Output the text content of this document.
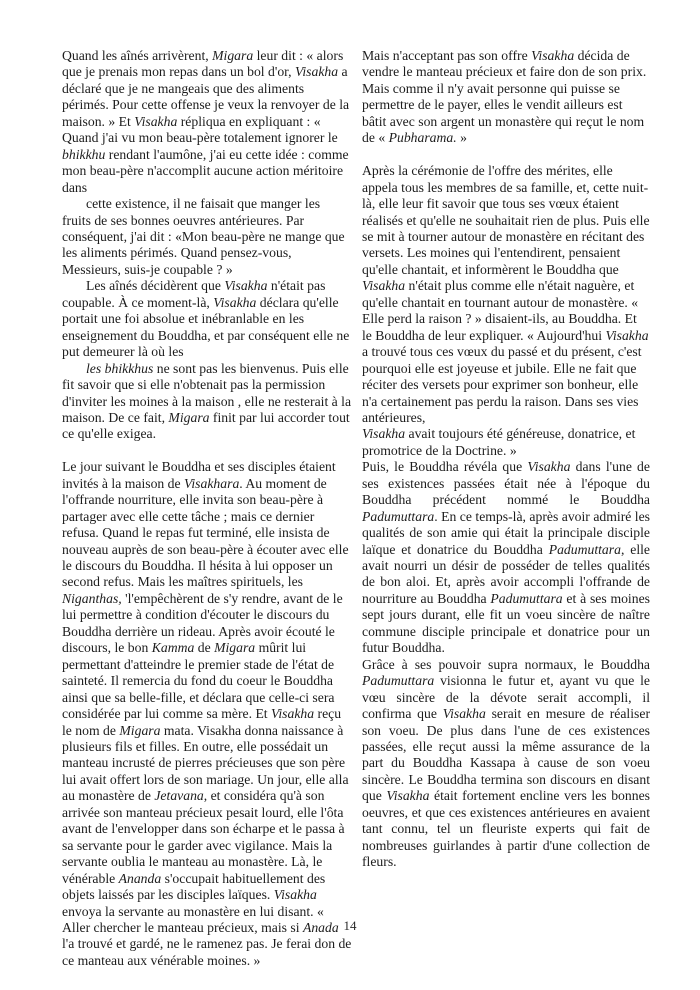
Quand les aînés arrivèrent, Migara leur dit : « alors que je prenais mon repas dans un bol d'or, Visakha a déclaré que je ne mangeais que des aliments périmés. Pour cette offense je veux la renvoyer de la maison. » Et Visakha répliqua en expliquant : « Quand j'ai vu mon beau-père totalement ignorer le bhikkhu rendant l'aumône, j'ai eu cette idée : comme mon beau-père n'accomplit aucune action méritoire dans

cette existence, il ne faisait que manger les fruits de ses bonnes oeuvres antérieures. Par conséquent, j'ai dit : «Mon beau-père ne mange que les aliments périmés. Quand pensez-vous, Messieurs, suis-je coupable ? »

Les aînés décidèrent que Visakha n'était pas coupable. À ce moment-là, Visakha déclara qu'elle portait une foi absolue et inébranlable en les enseignement du Bouddha, et par conséquent elle ne put demeurer là où les

les bhikkhus ne sont pas les bienvenus. Puis elle fit savoir que si elle n'obtenait pas la permission d'inviter les moines à la maison , elle ne resterait à la maison. De ce fait, Migara finit par lui accorder tout ce qu'elle exigea.

Le jour suivant le Bouddha et ses disciples étaient invités à la maison de Visakhara. Au moment de l'offrande nourriture, elle invita son beau-père à partager avec elle cette tâche ; mais ce dernier refusa. Quand le repas fut terminé, elle insista de nouveau auprès de son beau-père à écouter avec elle le discours du Bouddha. Il hésita à lui opposer un second refus. Mais les maîtres spirituels, les Niganthas, 'l'empêchèrent de s'y rendre, avant de le lui permettre à condition d'écouter le discours du Bouddha derrière un rideau. Après avoir écouté le discours, le bon Kamma de Migara mûrit lui permettant d'atteindre le premier stade de l'état de sainteté. Il remercia du fond du coeur le Bouddha ainsi que sa belle-fille, et déclara que celle-ci sera considérée par lui comme sa mère. Et Visakha reçu le nom de Migara mata. Visakha donna naissance à plusieurs fils et filles. En outre, elle possédait un manteau incrusté de pierres précieuses que son père lui avait offert lors de son mariage. Un jour, elle alla au monastère de Jetavana, et considéra qu'à son arrivée son manteau précieux pesait lourd, elle l'ôta avant de l'envelopper dans son écharpe et le passa à sa servante pour le garder avec vigilance. Mais la servante oublia le manteau au monastère. Là, le vénérable Ananda s'occupait habituellement des objets laissés par les disciples laïques. Visakha envoya la servante au monastère en lui disant. « Aller chercher le manteau précieux, mais si Anada l'a trouvé et gardé, ne le ramenez pas. Je ferai don de ce manteau aux vénérable moines. »

Mais n'acceptant pas son offre Visakha décida de vendre le manteau précieux et faire don de son prix. Mais comme il n'y avait personne qui puisse se permettre de le payer, elles le vendit ailleurs est bâtit avec son argent un monastère qui reçut le nom de « Pubharama. »

Après la cérémonie de l'offre des mérites, elle appela tous les membres de sa famille, et, cette nuit-là, elle leur fit savoir que tous ses vœux étaient réalisés et qu'elle ne souhaitait rien de plus. Puis elle se mit à tourner autour de monastère en récitant des versets. Les moines qui l'entendirent, pensaient qu'elle chantait, et informèrent le Bouddha que Visakha n'était plus comme elle n'était naguère, et qu'elle chantait en tournant autour de monastère. « Elle perd la raison ? » disaient-ils, au Bouddha. Et le Bouddha de leur expliquer. « Aujourd'hui Visakha a trouvé tous ces vœux du passé et du présent, c'est pourquoi elle est joyeuse et jubile. Elle ne fait que réciter des versets pour exprimer son bonheur, elle n'a certainement pas perdu la raison. Dans ses vies antérieures,

Visakha avait toujours été généreuse, donatrice, et promotrice de la Doctrine. »

Puis, le Bouddha révéla que Visakha dans l'une de ses existences passées était née à l'époque du Bouddha précédent nommé le Bouddha Padumuttara. En ce temps-là, après avoir admiré les qualités de son amie qui était la principale disciple laïque et donatrice du Bouddha Padumuttara, elle avait nourri un désir de posséder de telles qualités de bon aloi. Et, après avoir accompli l'offrande de nourriture au Bouddha Padumuttara et à ses moines sept jours durant, elle fit un voeu sincère de naître commune disciple principale et donatrice pour un futur Bouddha.

Grâce à ses pouvoir supra normaux, le Bouddha Padumuttara visionna le futur et, ayant vu que le vœu sincère de la dévote serait accompli, il confirma que Visakha serait en mesure de réaliser son voeu. De plus dans l'une de ces existences passées, elle reçut aussi la même assurance de la part du Bouddha Kassapa à cause de son voeu sincère. Le Bouddha termina son discours en disant que Visakha était fortement encline vers les bonnes oeuvres, et que ces existences antérieures en avaient tant connu, tel un fleuriste experts qui fait de nombreuses guirlandes à partir d'une collection de fleurs.

14
